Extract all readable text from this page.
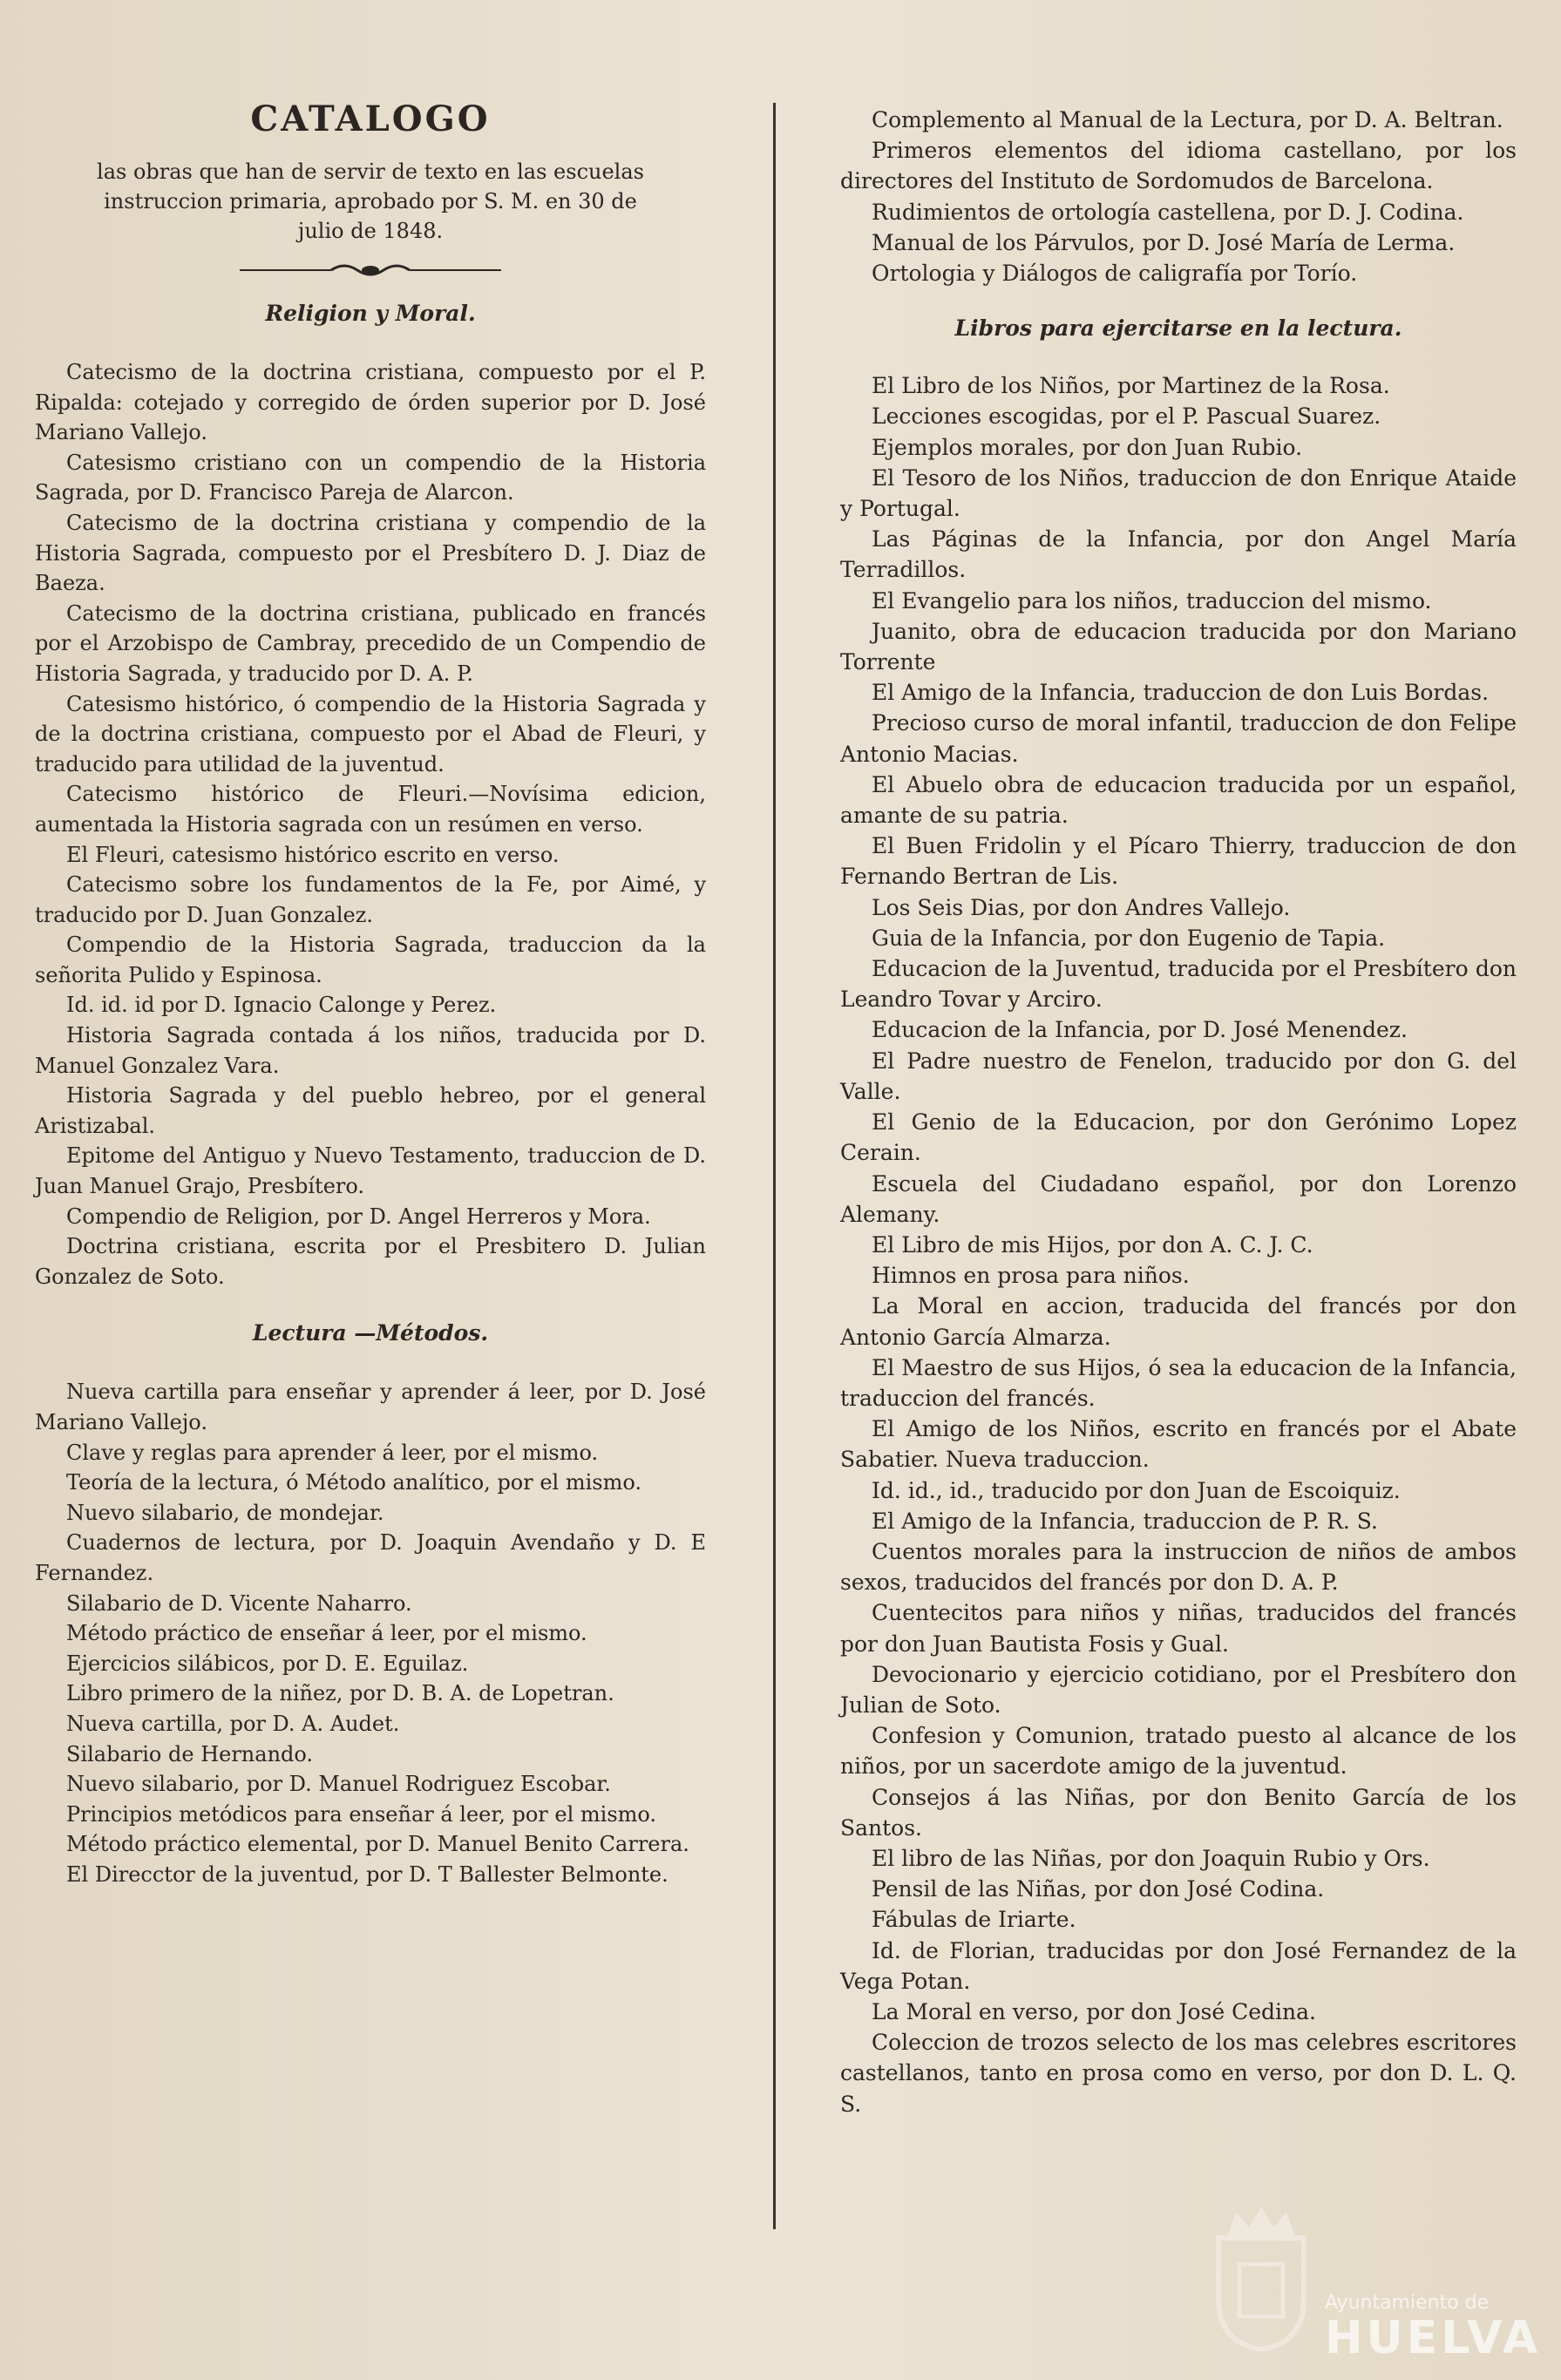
CATALOGO

las obras que han de servir de texto en las escuelas instruccion primaria, aprobado por S. M. en 30 de julio de 1848.

Religion y Moral.

Catecismo de la doctrina cristiana, compuesto por el P. Ripalda: cotejado y corregido de órden superior por D. José Mariano Vallejo.

Catesismo cristiano con un compendio de la Historia Sagrada, por D. Francisco Pareja de Alarcon.

Catecismo de la doctrina cristiana y compendio de la Historia Sagrada, compuesto por el Presbítero D. J. Diaz de Baeza.

Catecismo de la doctrina cristiana, publicado en francés por el Arzobispo de Cambray, precedido de un Compendio de Historia Sagrada, y traducido por D. A. P.

Catesismo histórico, ó compendio de la Historia Sagrada y de la doctrina cristiana, compuesto por el Abad de Fleuri, y traducido para utilidad de la juventud.

Catecismo histórico de Fleuri.—Novísima edicion, aumentada la Historia sagrada con un resúmen en verso.

El Fleuri, catesismo histórico escrito en verso.

Catecismo sobre los fundamentos de la Fe, por Aimé, y traducido por D. Juan Gonzalez.

Compendio de la Historia Sagrada, traduccion da la señorita Pulido y Espinosa.

Id. id. id por D. Ignacio Calonge y Perez.

Historia Sagrada contada á los niños, traducida por D. Manuel Gonzalez Vara.

Historia Sagrada y del pueblo hebreo, por el general Aristizabal.

Epitome del Antiguo y Nuevo Testamento, traduccion de D. Juan Manuel Grajo, Presbítero.

Compendio de Religion, por D. Angel Herreros y Mora.

Doctrina cristiana, escrita por el Presbitero D. Julian Gonzalez de Soto.

Lectura —Métodos.

Nueva cartilla para enseñar y aprender á leer, por D. José Mariano Vallejo.

Clave y reglas para aprender á leer, por el mismo.

Teoría de la lectura, ó Método analítico, por el mismo.

Nuevo silabario, de mondejar.

Cuadernos de lectura, por D. Joaquin Avendaño y D. E Fernandez.

Silabario de D. Vicente Naharro.

Método práctico de enseñar á leer, por el mismo.

Ejercicios silábicos, por D. E. Eguilaz.

Libro primero de la niñez, por D. B. A. de Lopetran.

Nueva cartilla, por D. A. Audet.

Silabario de Hernando.

Nuevo silabario, por D. Manuel Rodriguez Escobar.

Principios metódicos para enseñar á leer, por el mismo.

Método práctico elemental, por D. Manuel Benito Carrera.

El Direcctor de la juventud, por D. T Ballester Belmonte.

Complemento al Manual de la Lectura, por D. A. Beltran.

Primeros elementos del idioma castellano, por los directores del Instituto de Sordomudos de Barcelona.

Rudimientos de ortología castellena, por D. J. Codina.

Manual de los Párvulos, por D. José María de Lerma.

Ortologia y Diálogos de caligrafía por Torío.

Libros para ejercitarse en la lectura.

El Libro de los Niños, por Martinez de la Rosa.

Lecciones escogidas, por el P. Pascual Suarez.

Ejemplos morales, por don Juan Rubio.

El Tesoro de los Niños, traduccion de don Enrique Ataide y Portugal.

Las Páginas de la Infancia, por don Angel María Terradillos.

El Evangelio para los niños, traduccion del mismo.

Juanito, obra de educacion traducida por don Mariano Torrente

El Amigo de la Infancia, traduccion de don Luis Bordas.

Precioso curso de moral infantil, traduccion de don Felipe Antonio Macias.

El Abuelo obra de educacion traducida por un español, amante de su patria.

El Buen Fridolin y el Pícaro Thierry, traduccion de don Fernando Bertran de Lis.

Los Seis Dias, por don Andres Vallejo.

Guia de la Infancia, por don Eugenio de Tapia.

Educacion de la Juventud, traducida por el Presbítero don Leandro Tovar y Arciro.

Educacion de la Infancia, por D. José Menendez.

El Padre nuestro de Fenelon, traducido por don G. del Valle.

El Genio de la Educacion, por don Gerónimo Lopez Cerain.

Escuela del Ciudadano español, por don Lorenzo Alemany.

El Libro de mis Hijos, por don A. C. J. C.

Himnos en prosa para niños.

La Moral en accion, traducida del francés por don Antonio García Almarza.

El Maestro de sus Hijos, ó sea la educacion de la Infancia, traduccion del francés.

El Amigo de los Niños, escrito en francés por el Abate Sabatier. Nueva traduccion.

Id. id., id., traducido por don Juan de Escoiquiz.

El Amigo de la Infancia, traduccion de P. R. S.

Cuentos morales para la instruccion de niños de ambos sexos, traducidos del francés por don D. A. P.

Cuentecitos para niños y niñas, traducidos del francés por don Juan Bautista Fosis y Gual.

Devocionario y ejercicio cotidiano, por el Presbítero don Julian de Soto.

Confesion y Comunion, tratado puesto al alcance de los niños, por un sacerdote amigo de la juventud.

Consejos á las Niñas, por don Benito García de los Santos.

El libro de las Niñas, por don Joaquin Rubio y Ors.

Pensil de las Niñas, por don José Codina.

Fábulas de Iriarte.

Id. de Florian, traducidas por don José Fernandez de la Vega Potan.

La Moral en verso, por don José Cedina.

Coleccion de trozos selecto de los mas celebres escritores castellanos, tanto en prosa como en verso, por don D. L. Q. S.

Ayuntamiento de
HUELVA
